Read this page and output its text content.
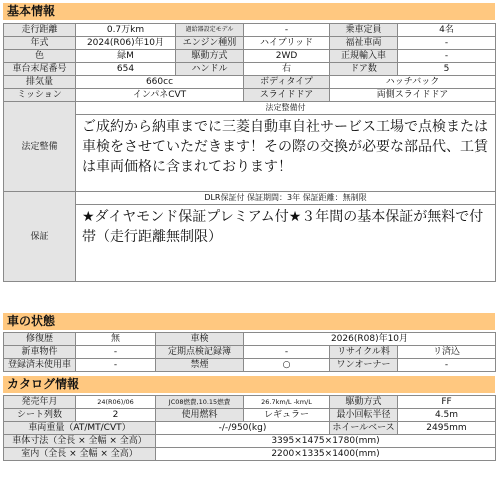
基本情報
走行距離	0.7万km	過給器設定モデル	-	乗車定員	4名
年式	2024(R06)年10月	エンジン種別	ハイブリッド	福祉車両	-
色	緑M	駆動方式	2WD	正規輸入車	-
車台末尾番号	654	ハンドル	右	ドア数	5
排気量	660cc		ボディタイプ	ハッチバック	
ミッション	インパネCVT		スライドドア	両側スライドドア	
法定整備	法定整備付				
	ご成約から納車までに三菱自動車自社サービス工場で点検または車検をさせていただきます！その際の交換が必要な部品代、工賃は車両価格に含まれております！				
保証	DLR保証付 保証期間：3年 保証距離：無制限				
	★ダイヤモンド保証プレミアム付★３年間の基本保証が無料で付帯（走行距離無制限）				
車の状態
修復歴	無	車検	2026(R08)年10月		
新車物件	-	定期点検記録簿	-	リサイクル料	リ済込
登録済未使用車	-	禁煙	○	ワンオーナー	-
カタログ情報
発売年月	24(R06)/06	JC08燃費,10.15燃費	26.7km/L -km/L	駆動方式	FF
シート列数	2	使用燃料	レギュラー	最小回転半径	4.5m
車両重量（AT/MT/CVT）		-/-/950(kg)		ホイールベース	2495mm
車体寸法（全長 × 全幅 × 全高）		3395×1475×1780(mm)			
室内（全長 × 全幅 × 全高）		2200×1335×1400(mm)			
